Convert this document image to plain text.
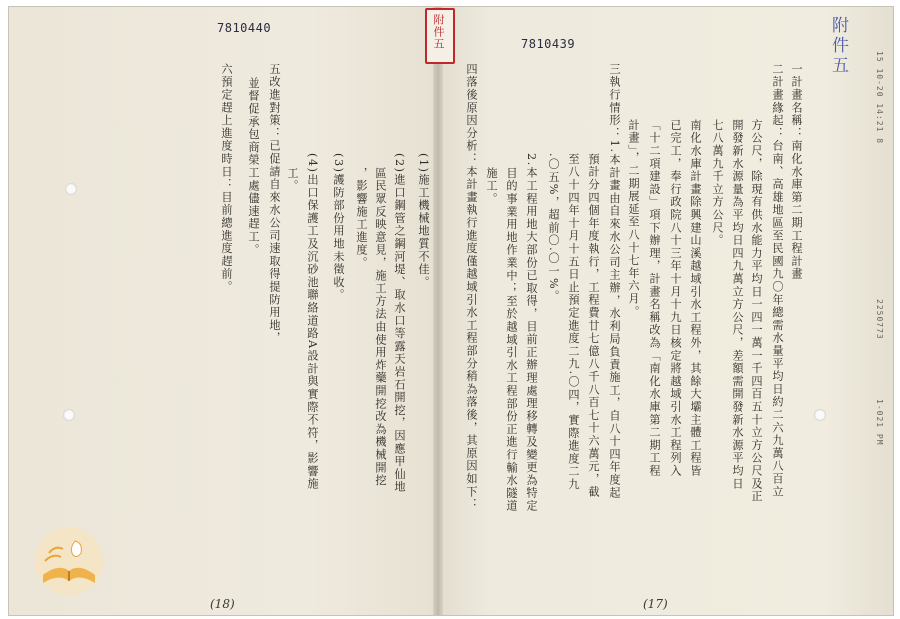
7810440
五改進對策：已促請自來水公司速取得提防用地，
並督促承包商榮工處儘速趕工。
六預定趕上進度時日：目前總進度趕前。	(1)施工機械地質不佳。
(2)進口鋼管之鋼河堤、取水口等露天岩石開挖，因應甲仙地
區民眾反映意見，施工方法由使用炸藥開挖改為機械開挖
，影響施工進度。
(3)護防部份用地未徵收。
(4)出口保護工及沉砂池聯絡道路A設計與實際不符，影響施
工。
(18)
7810439
一計畫名稱：南化水庫第二期工程計畫
二計畫緣起：台南、高雄地區至民國九〇年總需水量平均日約二六九萬八百立
方公尺，除現有供水能力平均日一四一萬一千四百五十立方公尺及正
開發新水源量為平均日四九萬立方公尺，差額需開發新水源平均日
七八萬九千立方公尺。
南化水庫計畫除興建山溪越域引水工程外，其餘大壩主體工程皆
已完工，奉行政院八十三年十月十九日核定將越域引水工程列入
「十二項建設」項下辦理，計畫名稱改為「南化水庫第二期工程
計畫」，二期展延至八十七年六月。
三執行情形：1.本計畫由自來水公司主辦，水利局負責施工，自八十四年度起
預計分四個年度執行，工程費廿七億八千八百七十六萬元，截
至八十四年十月十五日止預定進度二九.〇四，實際進度二九
.〇五%，超前〇.〇一%。
2.本工程用地大部份已取得，目前正辦理處理移轉及變更為特定
目的事業用地作業中；至於越域引水工程部份正進行輸水隧道
施工。
四落後原因分析：本計畫執行進度僅越域引水工程部分稍為落後，其原因如下：
(17)
15 10-20 14:21 8
2250773
1-021 PM
附件五	附件五
